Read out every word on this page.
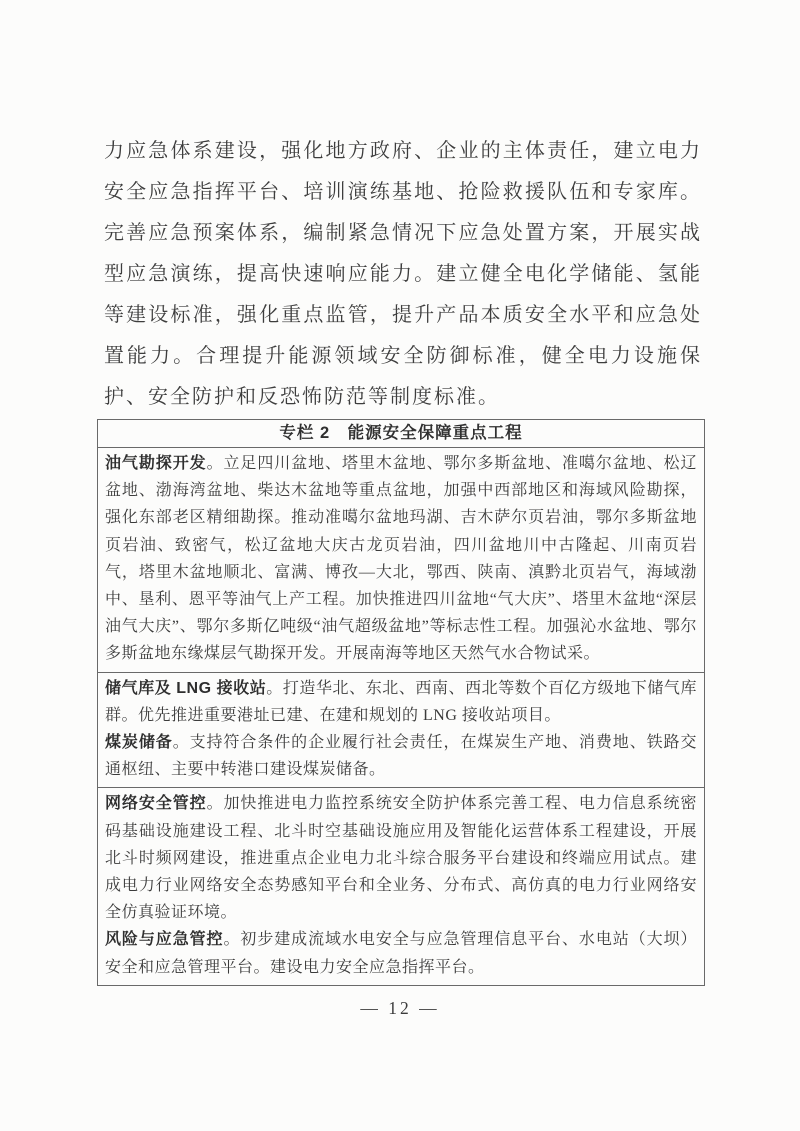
力应急体系建设，强化地方政府、企业的主体责任，建立电力安全应急指挥平台、培训演练基地、抢险救援队伍和专家库。完善应急预案体系，编制紧急情况下应急处置方案，开展实战型应急演练，提高快速响应能力。建立健全电化学储能、氢能等建设标准，强化重点监管，提升产品本质安全水平和应急处置能力。合理提升能源领域安全防御标准，健全电力设施保护、安全防护和反恐怖防范等制度标准。

专栏 2　能源安全保障重点工程

油气勘探开发。立足四川盆地、塔里木盆地、鄂尔多斯盆地、准噶尔盆地、松辽盆地、渤海湾盆地、柴达木盆地等重点盆地，加强中西部地区和海域风险勘探，强化东部老区精细勘探。推动准噶尔盆地玛湖、吉木萨尔页岩油，鄂尔多斯盆地页岩油、致密气，松辽盆地大庆古龙页岩油，四川盆地川中古隆起、川南页岩气，塔里木盆地顺北、富满、博孜—大北，鄂西、陕南、滇黔北页岩气，海域渤中、垦利、恩平等油气上产工程。加快推进四川盆地“气大庆”、塔里木盆地“深层油气大庆”、鄂尔多斯亿吨级“油气超级盆地”等标志性工程。加强沁水盆地、鄂尔多斯盆地东缘煤层气勘探开发。开展南海等地区天然气水合物试采。

储气库及 LNG 接收站。打造华北、东北、西南、西北等数个百亿方级地下储气库群。优先推进重要港址已建、在建和规划的 LNG 接收站项目。

煤炭储备。支持符合条件的企业履行社会责任，在煤炭生产地、消费地、铁路交通枢纽、主要中转港口建设煤炭储备。

网络安全管控。加快推进电力监控系统安全防护体系完善工程、电力信息系统密码基础设施建设工程、北斗时空基础设施应用及智能化运营体系工程建设，开展北斗时频网建设，推进重点企业电力北斗综合服务平台建设和终端应用试点。建成电力行业网络安全态势感知平台和全业务、分布式、高仿真的电力行业网络安全仿真验证环境。

风险与应急管控。初步建成流域水电安全与应急管理信息平台、水电站（大坝）安全和应急管理平台。建设电力安全应急指挥平台。

— 12 —
